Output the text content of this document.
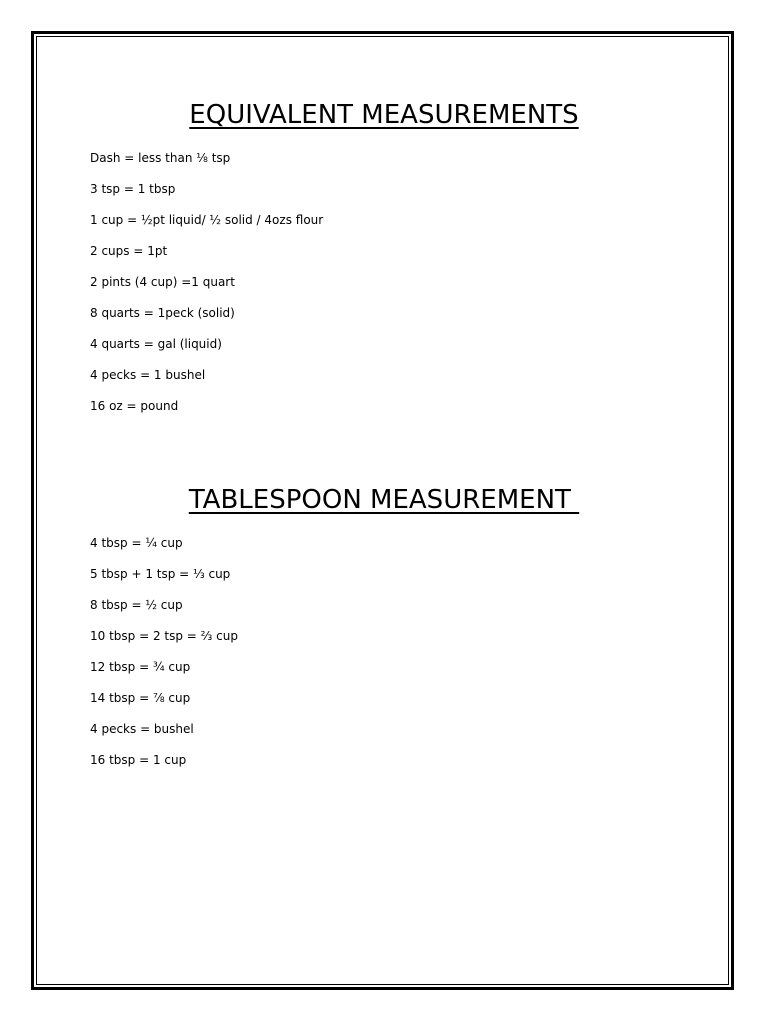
EQUIVALENT MEASUREMENTS
Dash = less than ⅛ tsp
3 tsp = 1 tbsp
1 cup = ½pt liquid/ ½ solid / 4ozs flour
2 cups = 1pt
2 pints (4 cup) =1 quart
8 quarts = 1peck (solid)
4 quarts = gal (liquid)
4 pecks = 1 bushel
16 oz = pound
TABLESPOON MEASUREMENT
4 tbsp = ¼ cup
5 tbsp + 1 tsp = ⅓ cup
8 tbsp = ½ cup
10 tbsp = 2 tsp = ⅔ cup
12 tbsp = ¾ cup
14 tbsp = ⅞ cup
4 pecks = bushel
16 tbsp = 1 cup
